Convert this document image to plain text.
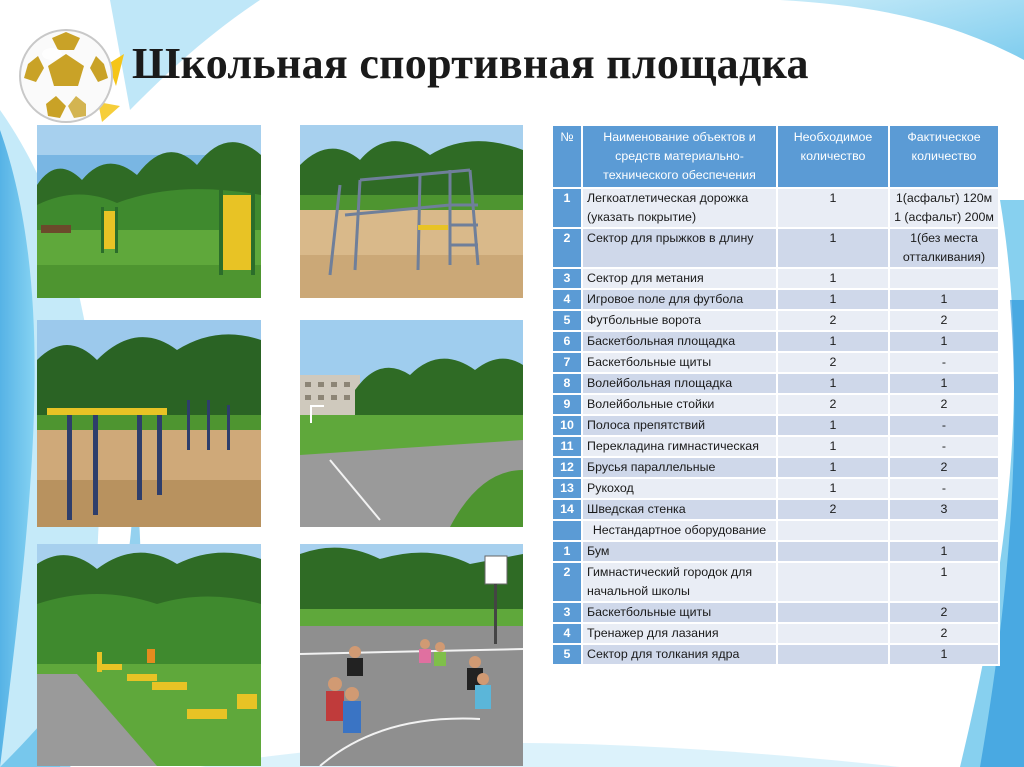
Школьная спортивная площадка
№	Наименование объектов и средств материально-технического обеспечения	Необходимое количество	Фактическое количество
1	Легкоатлетическая дорожка (указать покрытие)	1	1(асфальт) 120м 1 (асфальт) 200м
2	Сектор для прыжков в длину	1	1(без места отталкивания)
3	Сектор для метания	1	
4	Игровое поле для футбола	1	1
5	Футбольные ворота	2	2
6	Баскетбольная площадка	1	1
7	Баскетбольные щиты	2	-
8	Волейбольная площадка	1	1
9	Волейбольные стойки	2	2
10	Полоса препятствий	1	-
11	Перекладина гимнастическая	1	-
12	Брусья параллельные	1	2
13	Рукоход	1	-
14	Шведская стенка	2	3
	Нестандартное оборудование		
1	Бум		1
2	Гимнастический городок для начальной школы		1
3	Баскетбольные щиты		2
4	Тренажер для лазания		2
5	Сектор для толкания ядра		1
